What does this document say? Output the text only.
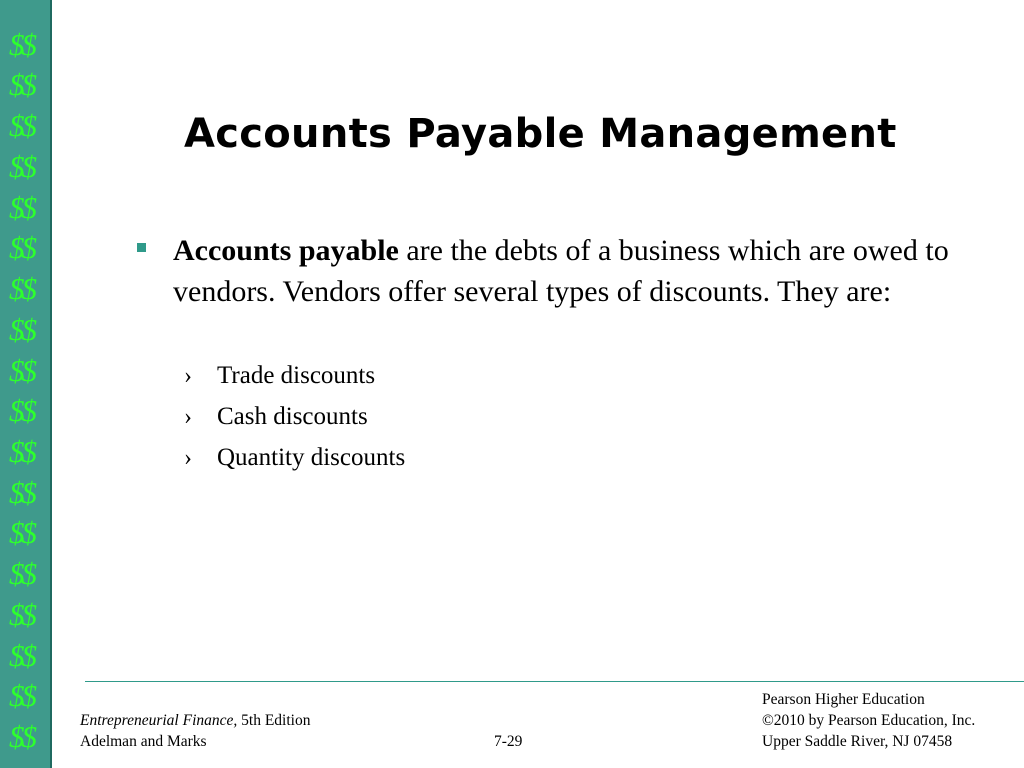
$$
$$
$$
$$
$$
$$
$$
$$
$$
$$
$$
$$
$$
$$
$$
$$
$$
$$
Accounts Payable Management

Accounts payable are the debts of a business which are owed to vendors. Vendors offer several types of discounts. They are:

› Trade discounts
› Cash discounts
› Quantity discounts
Entrepreneurial Finance, 5th Edition
Adelman and Marks	7-29
Pearson Higher Education
©2010 by Pearson Education, Inc.
Upper Saddle River, NJ 07458
